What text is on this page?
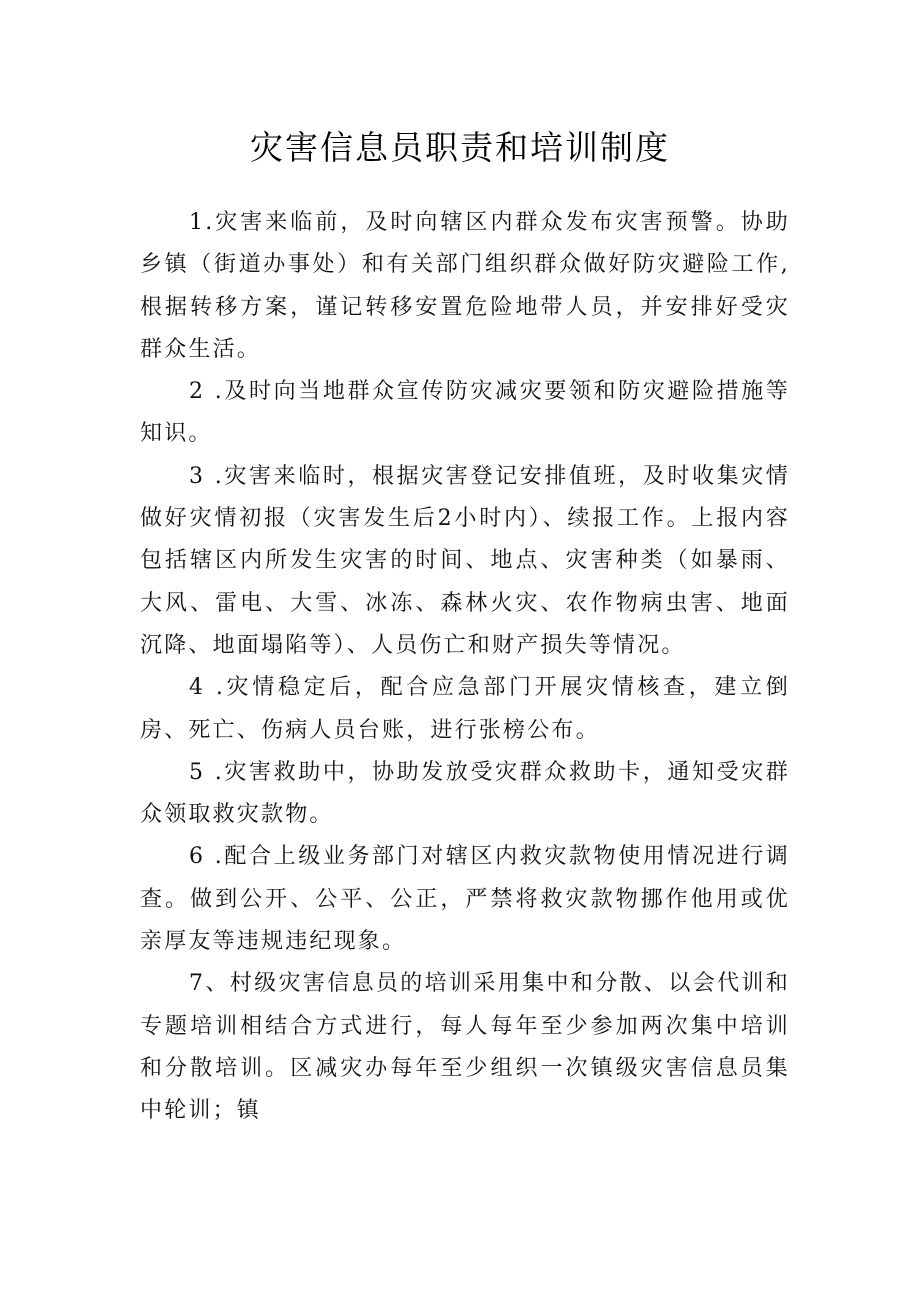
灾害信息员职责和培训制度

1.灾害来临前，及时向辖区内群众发布灾害预警。协助乡镇（街道办事处）和有关部门组织群众做好防灾避险工作,根据转移方案，谨记转移安置危险地带人员，并安排好受灾群众生活。

2 .及时向当地群众宣传防灾减灾要领和防灾避险措施等知识。

3 .灾害来临时，根据灾害登记安排值班，及时收集灾情做好灾情初报（灾害发生后2小时内）、续报工作。上报内容包括辖区内所发生灾害的时间、地点、灾害种类（如暴雨、大风、雷电、大雪、冰冻、森林火灾、农作物病虫害、地面沉降、地面塌陷等）、人员伤亡和财产损失等情况。

4 .灾情稳定后，配合应急部门开展灾情核查，建立倒房、死亡、伤病人员台账，进行张榜公布。

5 .灾害救助中，协助发放受灾群众救助卡，通知受灾群众领取救灾款物。

6 .配合上级业务部门对辖区内救灾款物使用情况进行调查。做到公开、公平、公正，严禁将救灾款物挪作他用或优亲厚友等违规违纪现象。

7、村级灾害信息员的培训采用集中和分散、以会代训和专题培训相结合方式进行，每人每年至少参加两次集中培训和分散培训。区减灾办每年至少组织一次镇级灾害信息员集中轮训；镇
